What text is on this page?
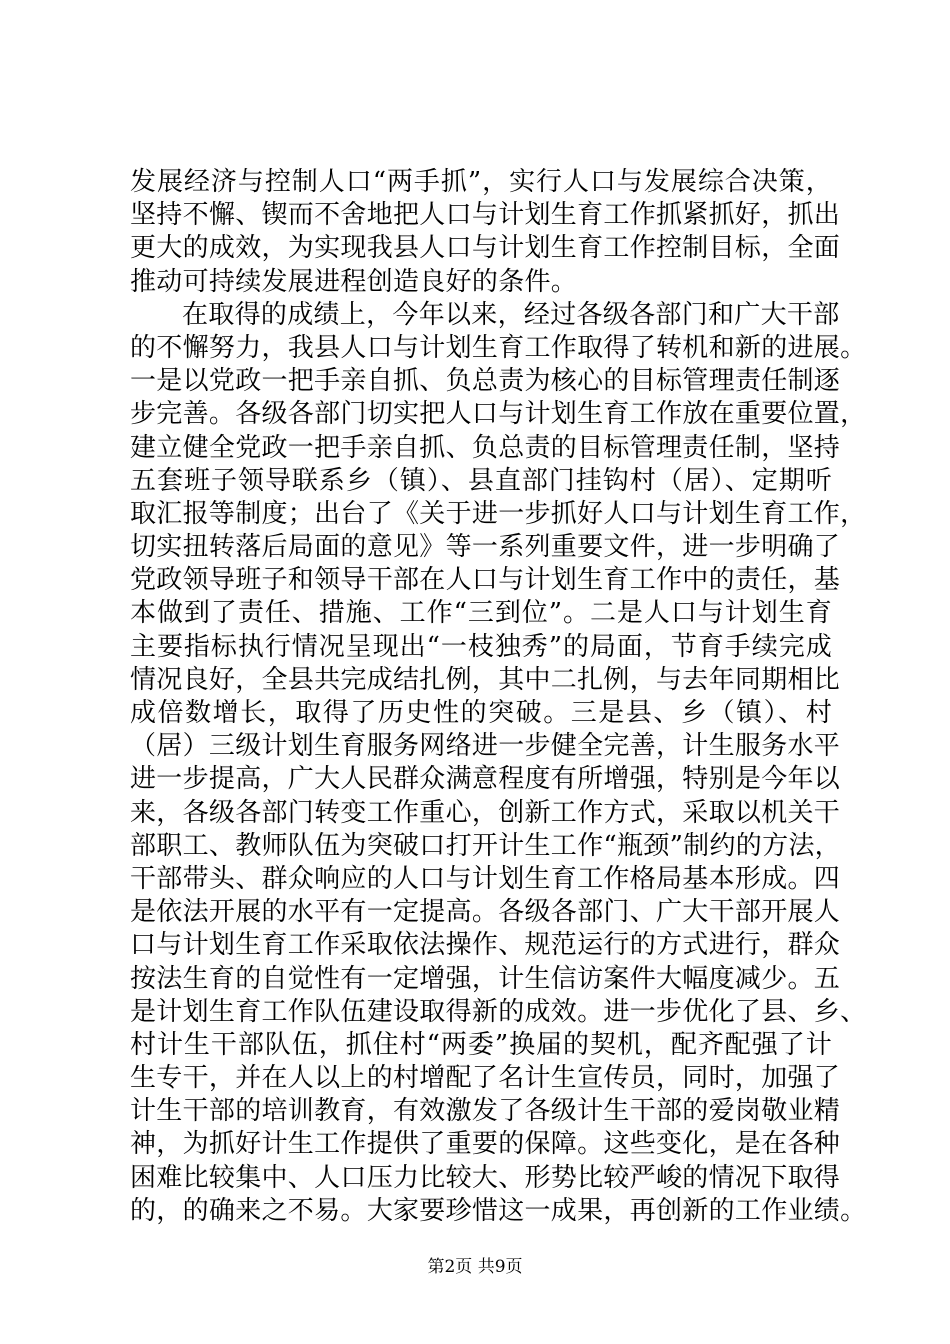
发展经济与控制人口“两手抓”，实行人口与发展综合决策，
坚持不懈、锲而不舍地把人口与计划生育工作抓紧抓好，抓出
更大的成效，为实现我县人口与计划生育工作控制目标，全面
推动可持续发展进程创造良好的条件。
在取得的成绩上，今年以来，经过各级各部门和广大干部
的不懈努力，我县人口与计划生育工作取得了转机和新的进展。
一是以党政一把手亲自抓、负总责为核心的目标管理责任制逐
步完善。各级各部门切实把人口与计划生育工作放在重要位置，
建立健全党政一把手亲自抓、负总责的目标管理责任制，坚持
五套班子领导联系乡（镇）、县直部门挂钩村（居）、定期听
取汇报等制度；出台了《关于进一步抓好人口与计划生育工作，
切实扭转落后局面的意见》等一系列重要文件，进一步明确了
党政领导班子和领导干部在人口与计划生育工作中的责任，基
本做到了责任、措施、工作“三到位”。二是人口与计划生育
主要指标执行情况呈现出“一枝独秀”的局面，节育手续完成
情况良好，全县共完成结扎例，其中二扎例，与去年同期相比
成倍数增长，取得了历史性的突破。三是县、乡（镇）、村
（居）三级计划生育服务网络进一步健全完善，计生服务水平
进一步提高，广大人民群众满意程度有所增强，特别是今年以
来，各级各部门转变工作重心，创新工作方式，采取以机关干
部职工、教师队伍为突破口打开计生工作“瓶颈”制约的方法，
干部带头、群众响应的人口与计划生育工作格局基本形成。四
是依法开展的水平有一定提高。各级各部门、广大干部开展人
口与计划生育工作采取依法操作、规范运行的方式进行，群众
按法生育的自觉性有一定增强，计生信访案件大幅度减少。五
是计划生育工作队伍建设取得新的成效。进一步优化了县、乡、
村计生干部队伍，抓住村“两委”换届的契机，配齐配强了计
生专干，并在人以上的村增配了名计生宣传员，同时，加强了
计生干部的培训教育，有效激发了各级计生干部的爱岗敬业精
神，为抓好计生工作提供了重要的保障。这些变化，是在各种
困难比较集中、人口压力比较大、形势比较严峻的情况下取得
的，的确来之不易。大家要珍惜这一成果，再创新的工作业绩。
第2页 共9页
